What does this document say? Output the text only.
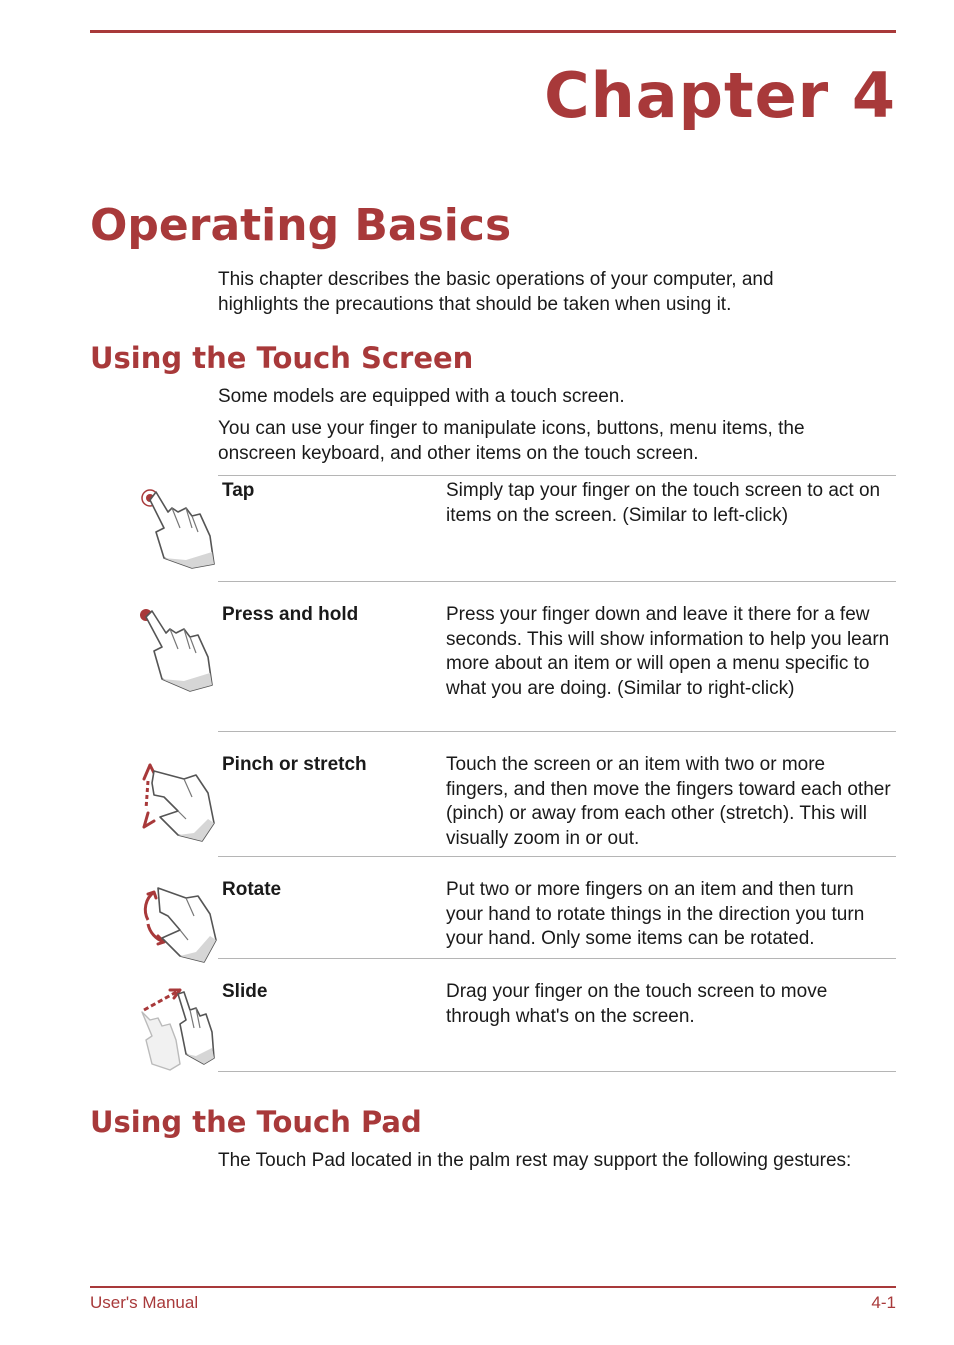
Chapter 4
Operating Basics

This chapter describes the basic operations of your computer, and highlights the precautions that should be taken when using it.

Using the Touch Screen

Some models are equipped with a touch screen.

You can use your finger to manipulate icons, buttons, menu items, the onscreen keyboard, and other items on the touch screen.

Tap	Simply tap your finger on the touch screen to act on items on the screen. (Similar to left-click)
Press and hold	Press your finger down and leave it there for a few seconds. This will show information to help you learn more about an item or will open a menu specific to what you are doing. (Similar to right-click)
Pinch or stretch	Touch the screen or an item with two or more fingers, and then move the fingers toward each other (pinch) or away from each other (stretch). This will visually zoom in or out.
Rotate	Put two or more fingers on an item and then turn your hand to rotate things in the direction you turn your hand. Only some items can be rotated.
Slide	Drag your finger on the touch screen to move through what's on the screen.
Using the Touch Pad

The Touch Pad located in the palm rest may support the following gestures:

User's Manual	4-1
